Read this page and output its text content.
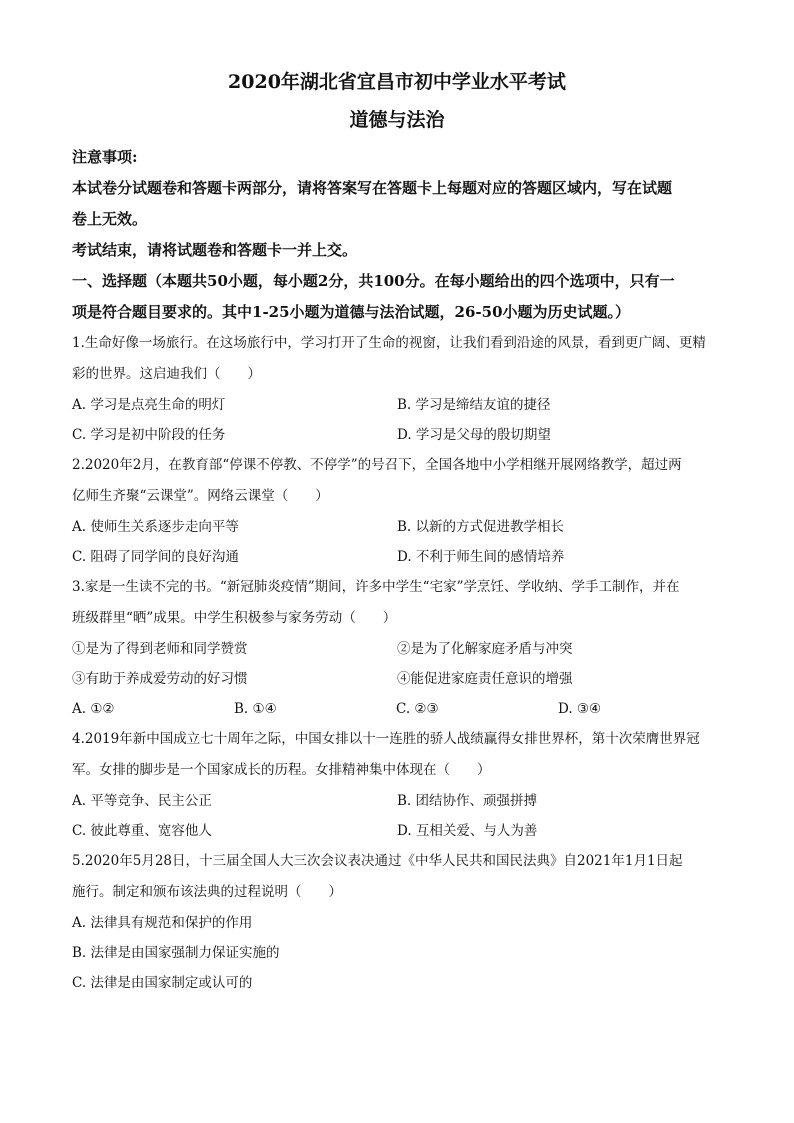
2020年湖北省宜昌市初中学业水平考试

道德与法治

注意事项:

本试卷分试题卷和答题卡两部分，请将答案写在答题卡上每题对应的答题区域内，写在试题

卷上无效。

考试结束，请将试题卷和答题卡一并上交。

一、选择题（本题共50小题，每小题2分，共100分。在每小题给出的四个选项中，只有一

项是符合题目要求的。其中1-25小题为道德与法治试题，26-50小题为历史试题。）

1.生命好像一场旅行。在这场旅行中，学习打开了生命的视窗，让我们看到沿途的风景，看到更广阔、更精

彩的世界。这启迪我们（　　）

A. 学习是点亮生命的明灯	B. 学习是缔结友谊的捷径
C. 学习是初中阶段的任务	D. 学习是父母的殷切期望

2.2020年2月，在教育部“停课不停教、不停学”的号召下，全国各地中小学相继开展网络教学，超过两

亿师生齐聚“云课堂”。网络云课堂（　　）

A. 使师生关系逐步走向平等	B. 以新的方式促进教学相长
C. 阻碍了同学间的良好沟通	D. 不利于师生间的感情培养

3.家是一生读不完的书。“新冠肺炎疫情”期间，许多中学生“宅家”学烹饪、学收纳、学手工制作，并在

班级群里“晒”成果。中学生积极参与家务劳动（　　）

①是为了得到老师和同学赞赏	②是为了化解家庭矛盾与冲突
③有助于养成爱劳动的好习惯	④能促进家庭责任意识的增强
A. ①②	B. ①④	C. ②③	D. ③④

4.2019年新中国成立七十周年之际，中国女排以十一连胜的骄人战绩赢得女排世界杯，第十次荣膺世界冠

军。女排的脚步是一个国家成长的历程。女排精神集中体现在（　　）

A. 平等竞争、民主公正	B. 团结协作、顽强拼搏
C. 彼此尊重、宽容他人	D. 互相关爱、与人为善

5.2020年5月28日，十三届全国人大三次会议表决通过《中华人民共和国民法典》自2021年1月1日起

施行。制定和颁布该法典的过程说明（　　）

A. 法律具有规范和保护的作用
B. 法律是由国家强制力保证实施的
C. 法律是由国家制定或认可的
